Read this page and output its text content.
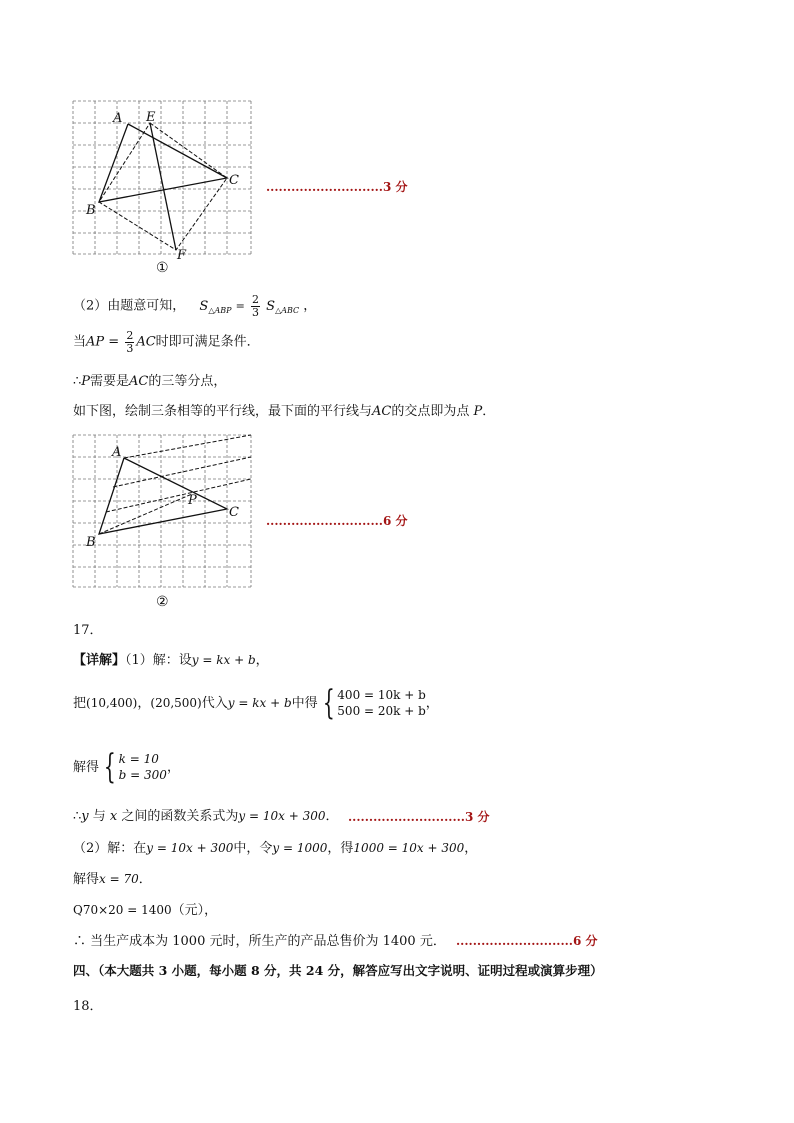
A E
B
C
F
①
............................3 分
（2）由题意可知， $S_{\triangle ABP} = \frac{2}{3} S_{\triangle ABC}$ ，
当AP = $\frac{2}{3}$ AC时即可满足条件．
∴P需要是AC的三等分点，
如下图，绘制三条相等的平行线，最下面的平行线与AC的交点即为点 P．
A
P
C
B
②
............................6 分
17．
【详解】（1）解：设y = kx + b，
把 (10,400) ， (20,500) 代入 y = kx + b 中得 { 400 = 10k + b
500 = 20k + b
，
解得 { k = 10
b = 300
，
∴y 与 x 之间的函数关系式为y = 10x + 300． ............................3 分
（2）解：在y = 10x + 300中，令y = 1000，得1000 = 10x + 300，
解得x = 70．
Q70×20 = 1400（元），
∴ 当生产成本为 1000 元时，所生产的产品总售价为 1400 元． ............................6 分
四、（本大题共 3 小题，每小题 8 分，共 24 分，解答应写出文字说明、证明过程或演算步理）
18．
